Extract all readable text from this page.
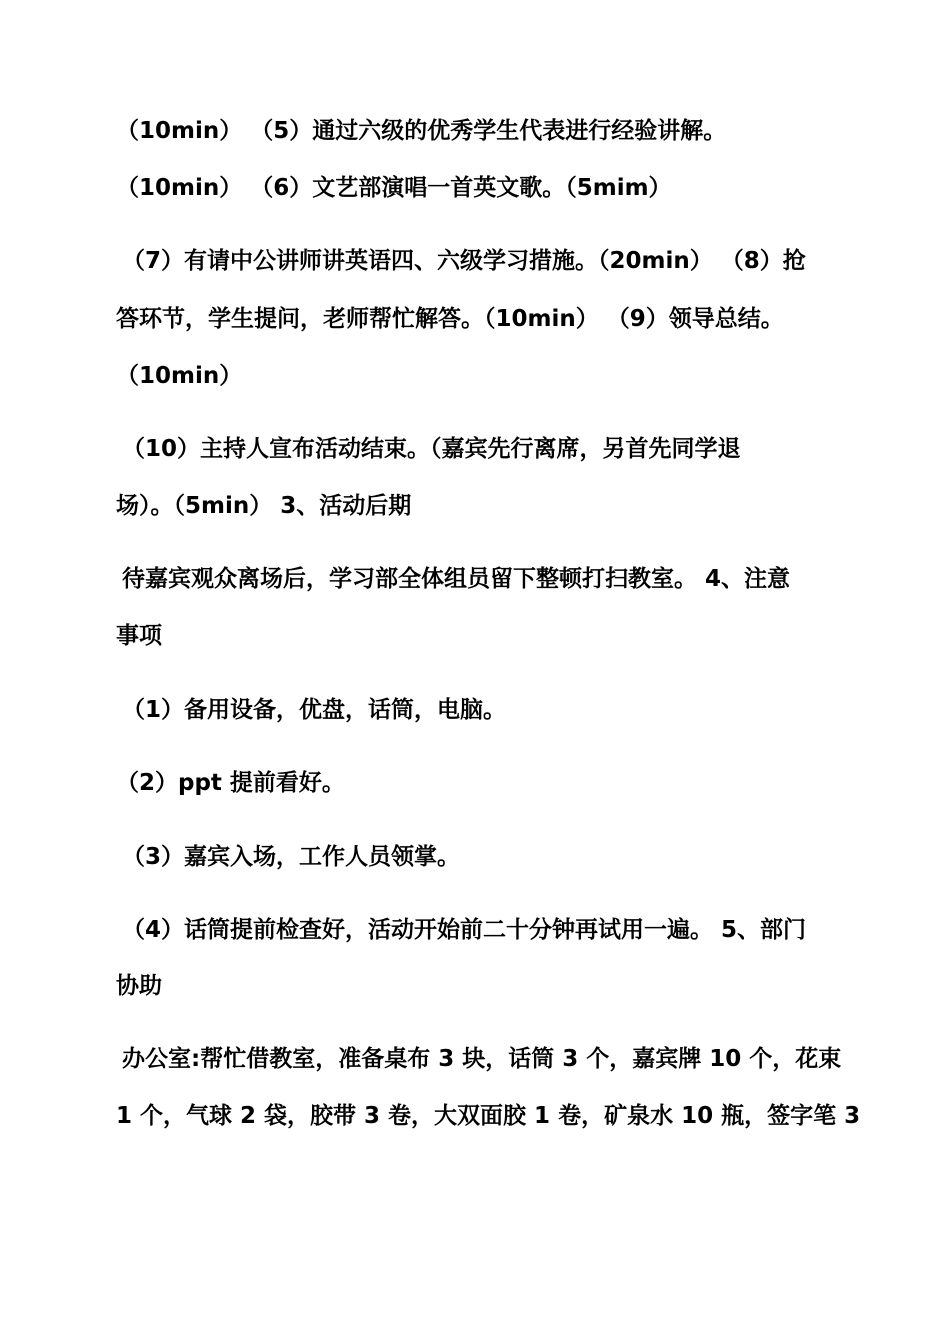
（10min） （5）通过六级的优秀学生代表进行经验讲解。
（10min） （6）文艺部演唱一首英文歌。（5mim）
（7）有请中公讲师讲英语四、六级学习措施。（20min） （8）抢
答环节，学生提问，老师帮忙解答。（10min） （9）领导总结。
（10min）
（10）主持人宣布活动结束。（嘉宾先行离席，另首先同学退
场）。（5min） 3、活动后期
待嘉宾观众离场后，学习部全体组员留下整顿打扫教室。 4、注意
事项
（1）备用设备，优盘，话筒，电脑。
（2）ppt 提前看好。
（3）嘉宾入场，工作人员领掌。
（4）话筒提前检查好，活动开始前二十分钟再试用一遍。 5、部门
协助
办公室:帮忙借教室，准备桌布 3 块，话筒 3 个，嘉宾牌 10 个，花束
1 个，气球 2 袋，胶带 3 卷，大双面胶 1 卷，矿泉水 10 瓶，签字笔 3
